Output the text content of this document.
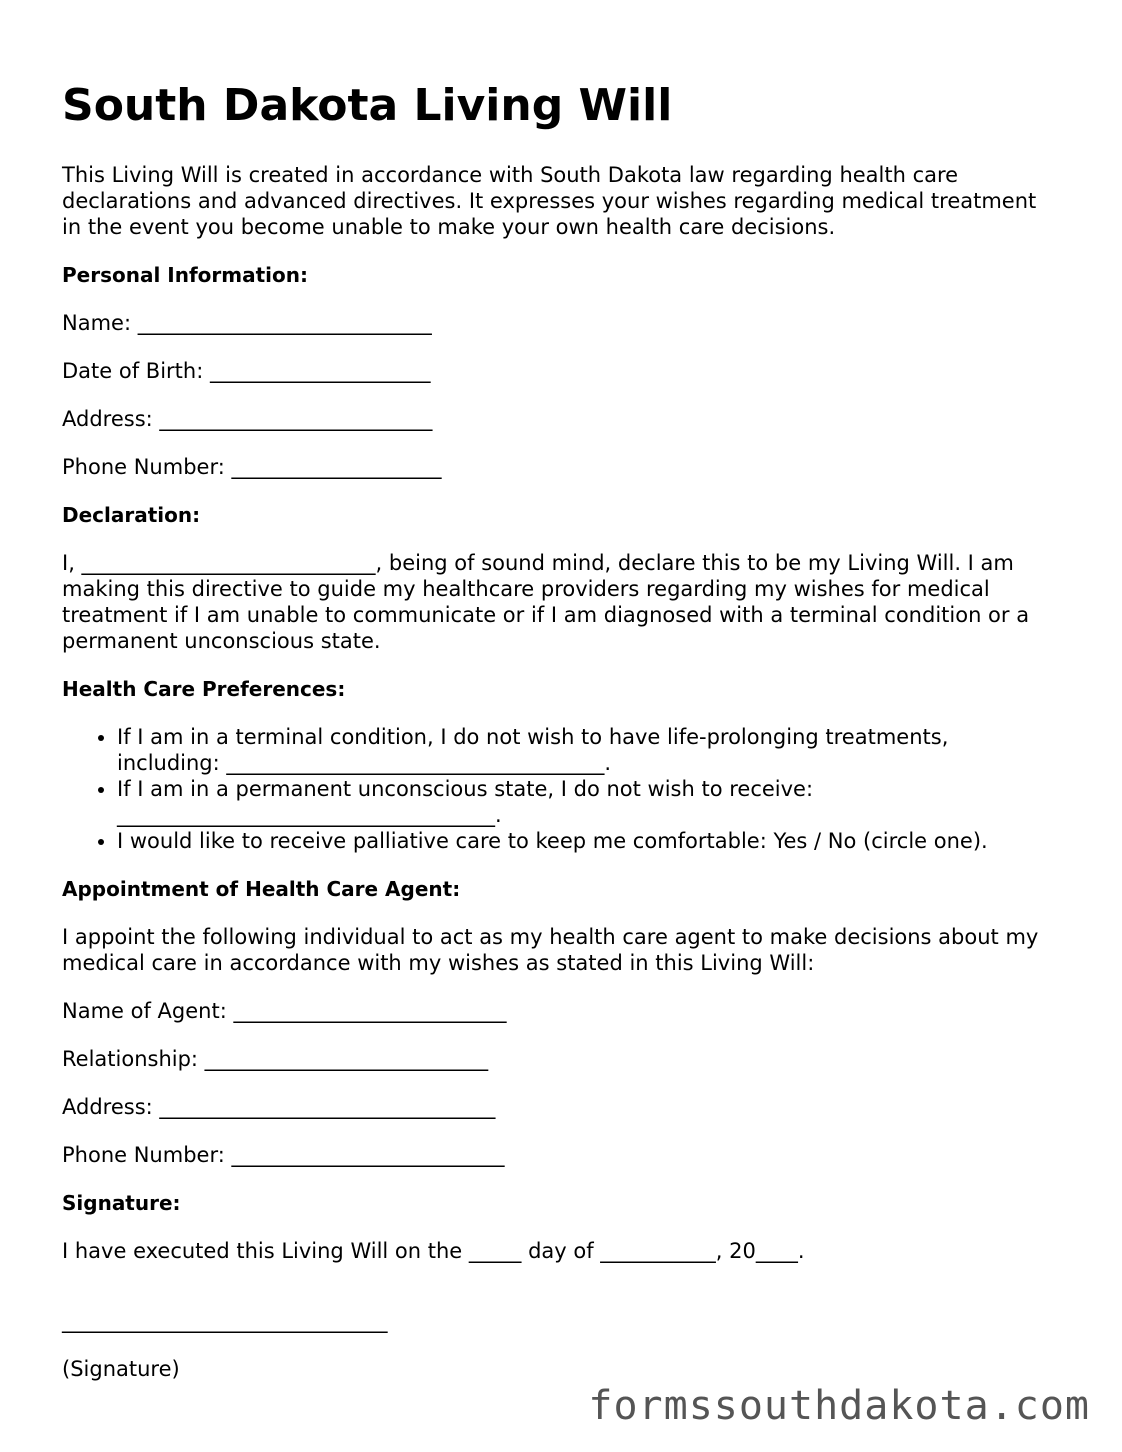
South Dakota Living Will

This Living Will is created in accordance with South Dakota law regarding health care declarations and advanced directives. It expresses your wishes regarding medical treatment in the event you become unable to make your own health care decisions.

Personal Information:

Name: ____________________________

Date of Birth: _____________________

Address: __________________________

Phone Number: ____________________

Declaration:

I, ____________________________, being of sound mind, declare this to be my Living Will. I am making this directive to guide my healthcare providers regarding my wishes for medical treatment if I am unable to communicate or if I am diagnosed with a terminal condition or a permanent unconscious state.

Health Care Preferences:
• If I am in a terminal condition, I do not wish to have life-prolonging treatments, including: ____________________________________.
• If I am in a permanent unconscious state, I do not wish to receive: ____________________________________.
• I would like to receive palliative care to keep me comfortable: Yes / No (circle one).
Appointment of Health Care Agent:

I appoint the following individual to act as my health care agent to make decisions about my medical care in accordance with my wishes as stated in this Living Will:

Name of Agent: __________________________

Relationship: ___________________________

Address: ________________________________

Phone Number: __________________________

Signature:

I have executed this Living Will on the _____ day of ___________, 20____.

_______________________________

(Signature)

formssouthdakota.com
